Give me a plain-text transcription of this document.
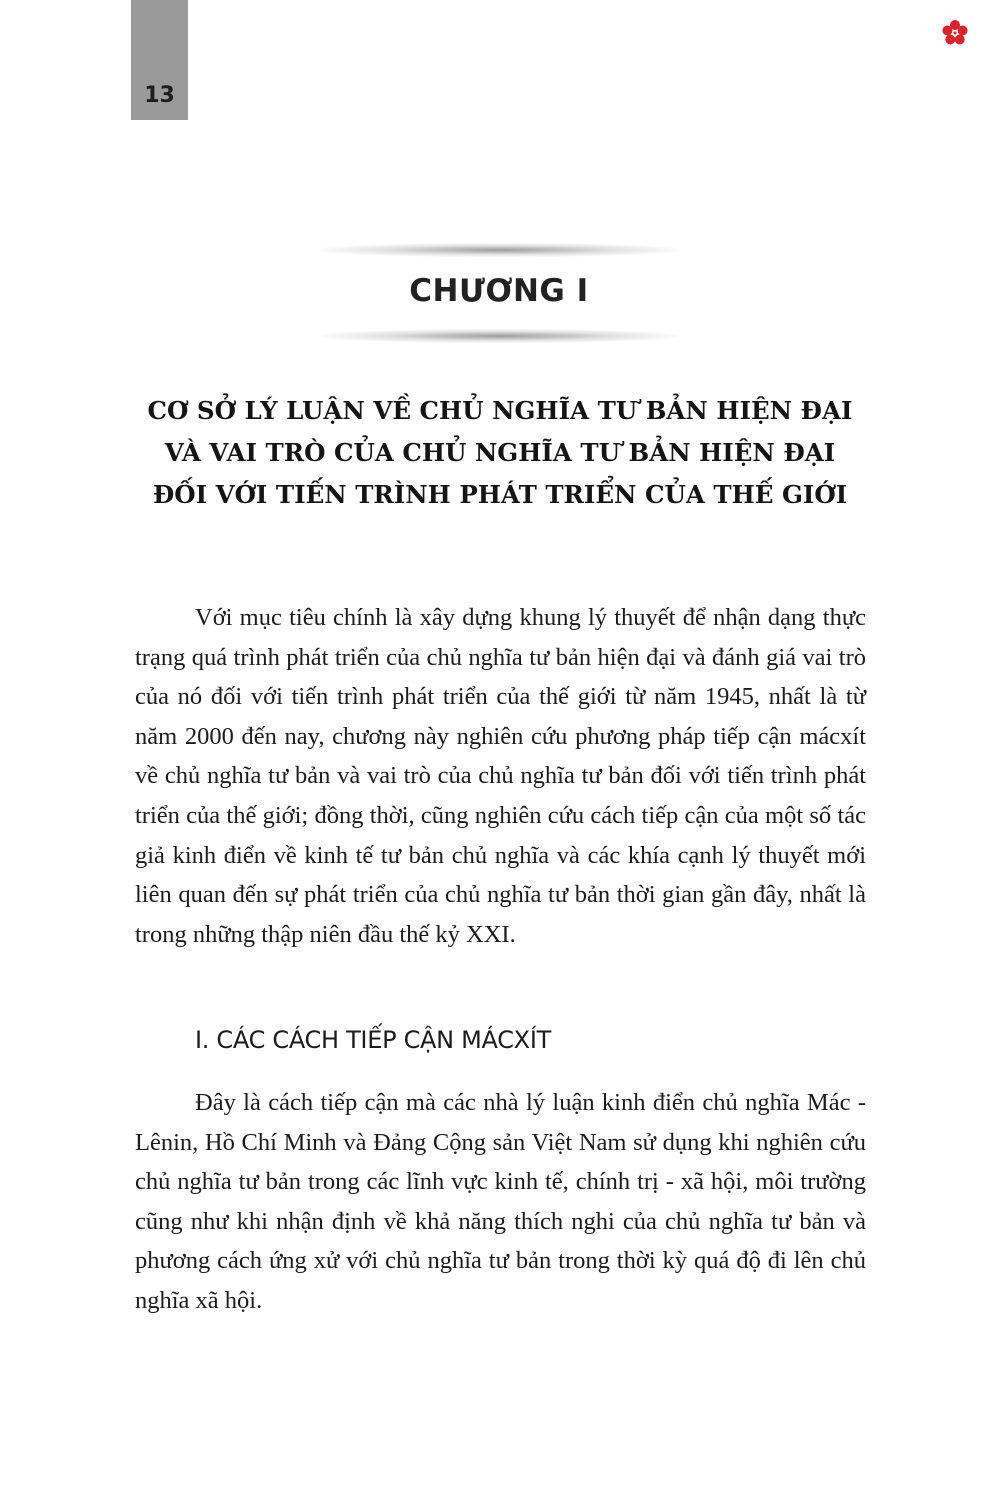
13
CHƯƠNG I
CƠ SỞ LÝ LUẬN VỀ CHỦ NGHĨA TƯ BẢN HIỆN ĐẠI
VÀ VAI TRÒ CỦA CHỦ NGHĨA TƯ BẢN HIỆN ĐẠI
ĐỐI VỚI TIẾN TRÌNH PHÁT TRIỂN CỦA THẾ GIỚI

Với mục tiêu chính là xây dựng khung lý thuyết để nhận dạng thực trạng quá trình phát triển của chủ nghĩa tư bản hiện đại và đánh giá vai trò của nó đối với tiến trình phát triển của thế giới từ năm 1945, nhất là từ năm 2000 đến nay, chương này nghiên cứu phương pháp tiếp cận mácxít về chủ nghĩa tư bản và vai trò của chủ nghĩa tư bản đối với tiến trình phát triển của thế giới; đồng thời, cũng nghiên cứu cách tiếp cận của một số tác giả kinh điển về kinh tế tư bản chủ nghĩa và các khía cạnh lý thuyết mới liên quan đến sự phát triển của chủ nghĩa tư bản thời gian gần đây, nhất là trong những thập niên đầu thế kỷ XXI.

I. CÁC CÁCH TIẾP CẬN MÁCXÍT

Đây là cách tiếp cận mà các nhà lý luận kinh điển chủ nghĩa Mác - Lênin, Hồ Chí Minh và Đảng Cộng sản Việt Nam sử dụng khi nghiên cứu chủ nghĩa tư bản trong các lĩnh vực kinh tế, chính trị - xã hội, môi trường cũng như khi nhận định về khả năng thích nghi của chủ nghĩa tư bản và phương cách ứng xử với chủ nghĩa tư bản trong thời kỳ quá độ đi lên chủ nghĩa xã hội.
